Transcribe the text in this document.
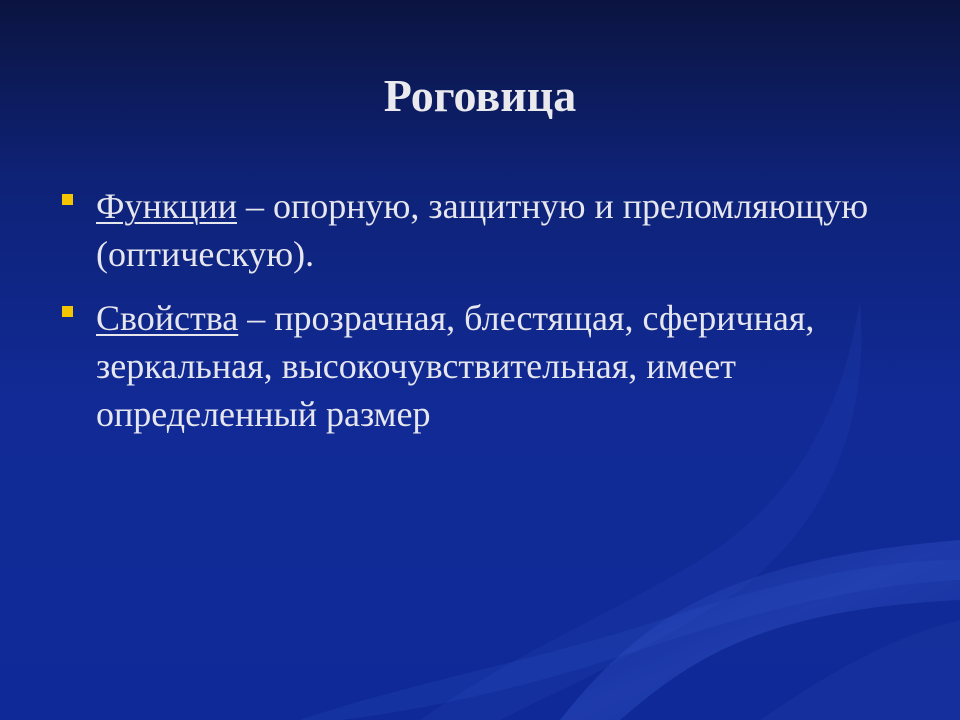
Роговица
Функции – опорную, защитную и преломляющую (оптическую).
Свойства – прозрачная, блестящая, сферичная, зеркальная, высокочувствительная, имеет определенный размер
